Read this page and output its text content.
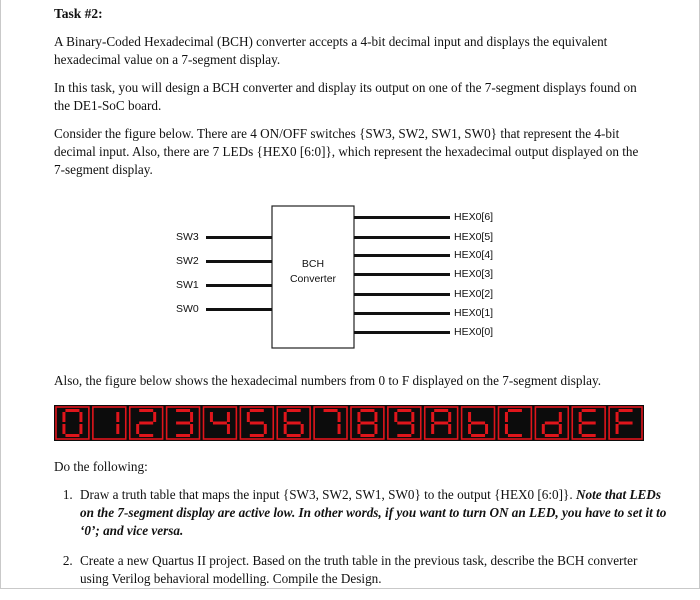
Task #2:

A Binary-Coded Hexadecimal (BCH) converter accepts a 4-bit decimal input and displays the equivalent hexadecimal value on a 7-segment display.

In this task, you will design a BCH converter and display its output on one of the 7-segment displays found on the DE1-SoC board.

Consider the figure below. There are 4 ON/OFF switches {SW3, SW2, SW1, SW0} that represent the 4-bit decimal input. Also, there are 7 LEDs {HEX0 [6:0]}, which represent the hexadecimal output displayed on the 7-segment display.

SW3
SW2
SW1
SW0
BCH
Converter
HEX0[6]
HEX0[5]
HEX0[4]
HEX0[3]
HEX0[2]
HEX0[1]
HEX0[0]

Also, the figure below shows the hexadecimal numbers from 0 to F displayed on the 7-segment display.

Do the following:

1. Draw a truth table that maps the input {SW3, SW2, SW1, SW0} to the output {HEX0 [6:0]}. Note that LEDs on the 7-segment display are active low. In other words, if you want to turn ON an LED, you have to set it to ‘0’; and vice versa.
2. Create a new Quartus II project. Based on the truth table in the previous task, describe the BCH converter using Verilog behavioral modelling. Compile the Design.
